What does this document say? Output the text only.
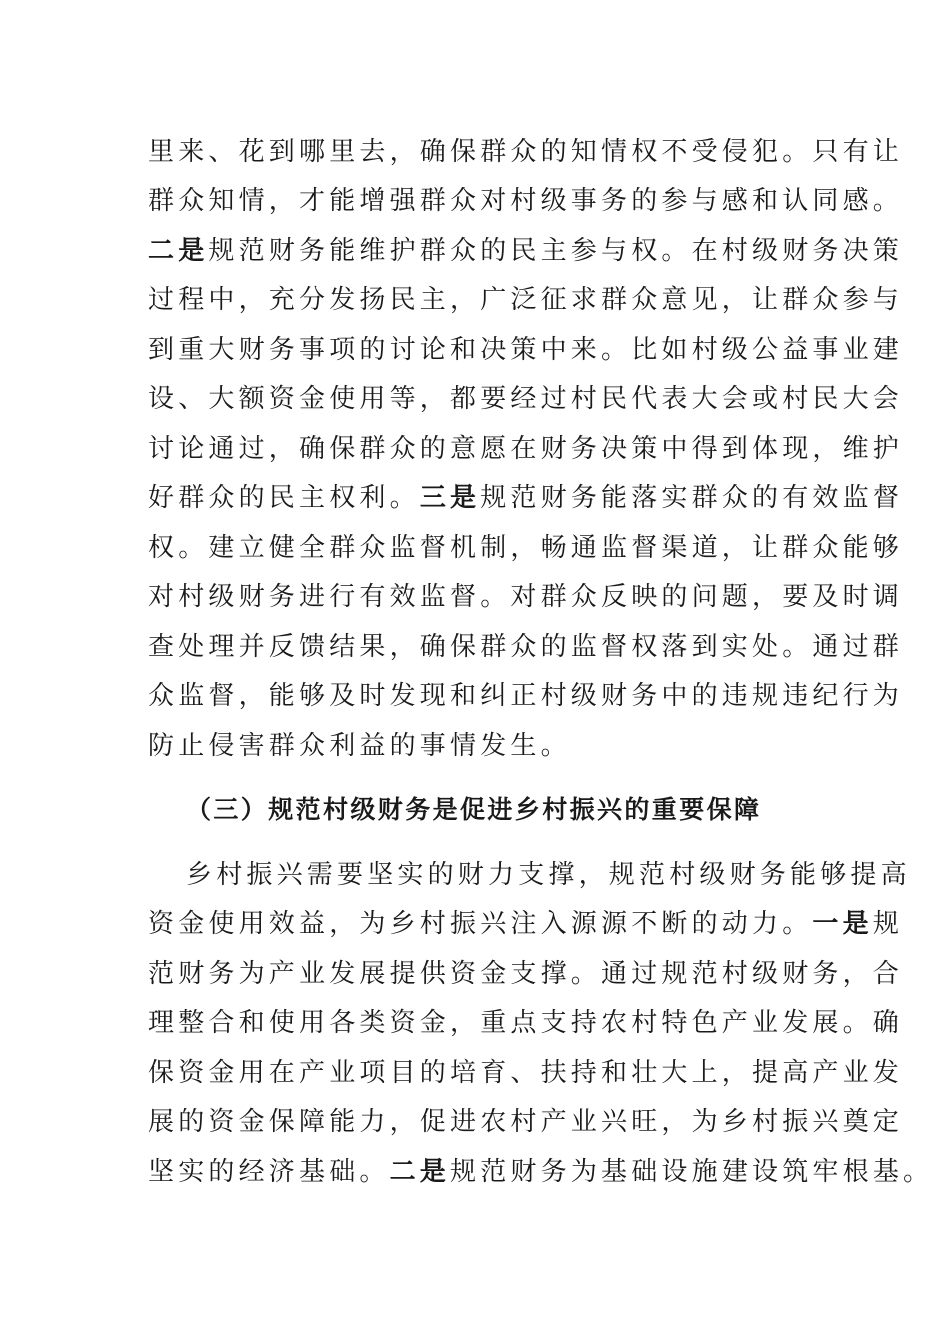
里来、花到哪里去，确保群众的知情权不受侵犯。只有让
群众知情，才能增强群众对村级事务的参与感和认同感。
二是规范财务能维护群众的民主参与权。在村级财务决策
过程中，充分发扬民主，广泛征求群众意见，让群众参与
到重大财务事项的讨论和决策中来。比如村级公益事业建
设、大额资金使用等，都要经过村民代表大会或村民大会
讨论通过，确保群众的意愿在财务决策中得到体现，维护
好群众的民主权利。三是规范财务能落实群众的有效监督
权。建立健全群众监督机制，畅通监督渠道，让群众能够
对村级财务进行有效监督。对群众反映的问题，要及时调
查处理并反馈结果，确保群众的监督权落到实处。通过群
众监督，能够及时发现和纠正村级财务中的违规违纪行为
防止侵害群众利益的事情发生。
（三）规范村级财务是促进乡村振兴的重要保障
乡村振兴需要坚实的财力支撑，规范村级财务能够提高
资金使用效益，为乡村振兴注入源源不断的动力。一是规
范财务为产业发展提供资金支撑。通过规范村级财务，合
理整合和使用各类资金，重点支持农村特色产业发展。确
保资金用在产业项目的培育、扶持和壮大上，提高产业发
展的资金保障能力，促进农村产业兴旺，为乡村振兴奠定
坚实的经济基础。二是规范财务为基础设施建设筑牢根基。
